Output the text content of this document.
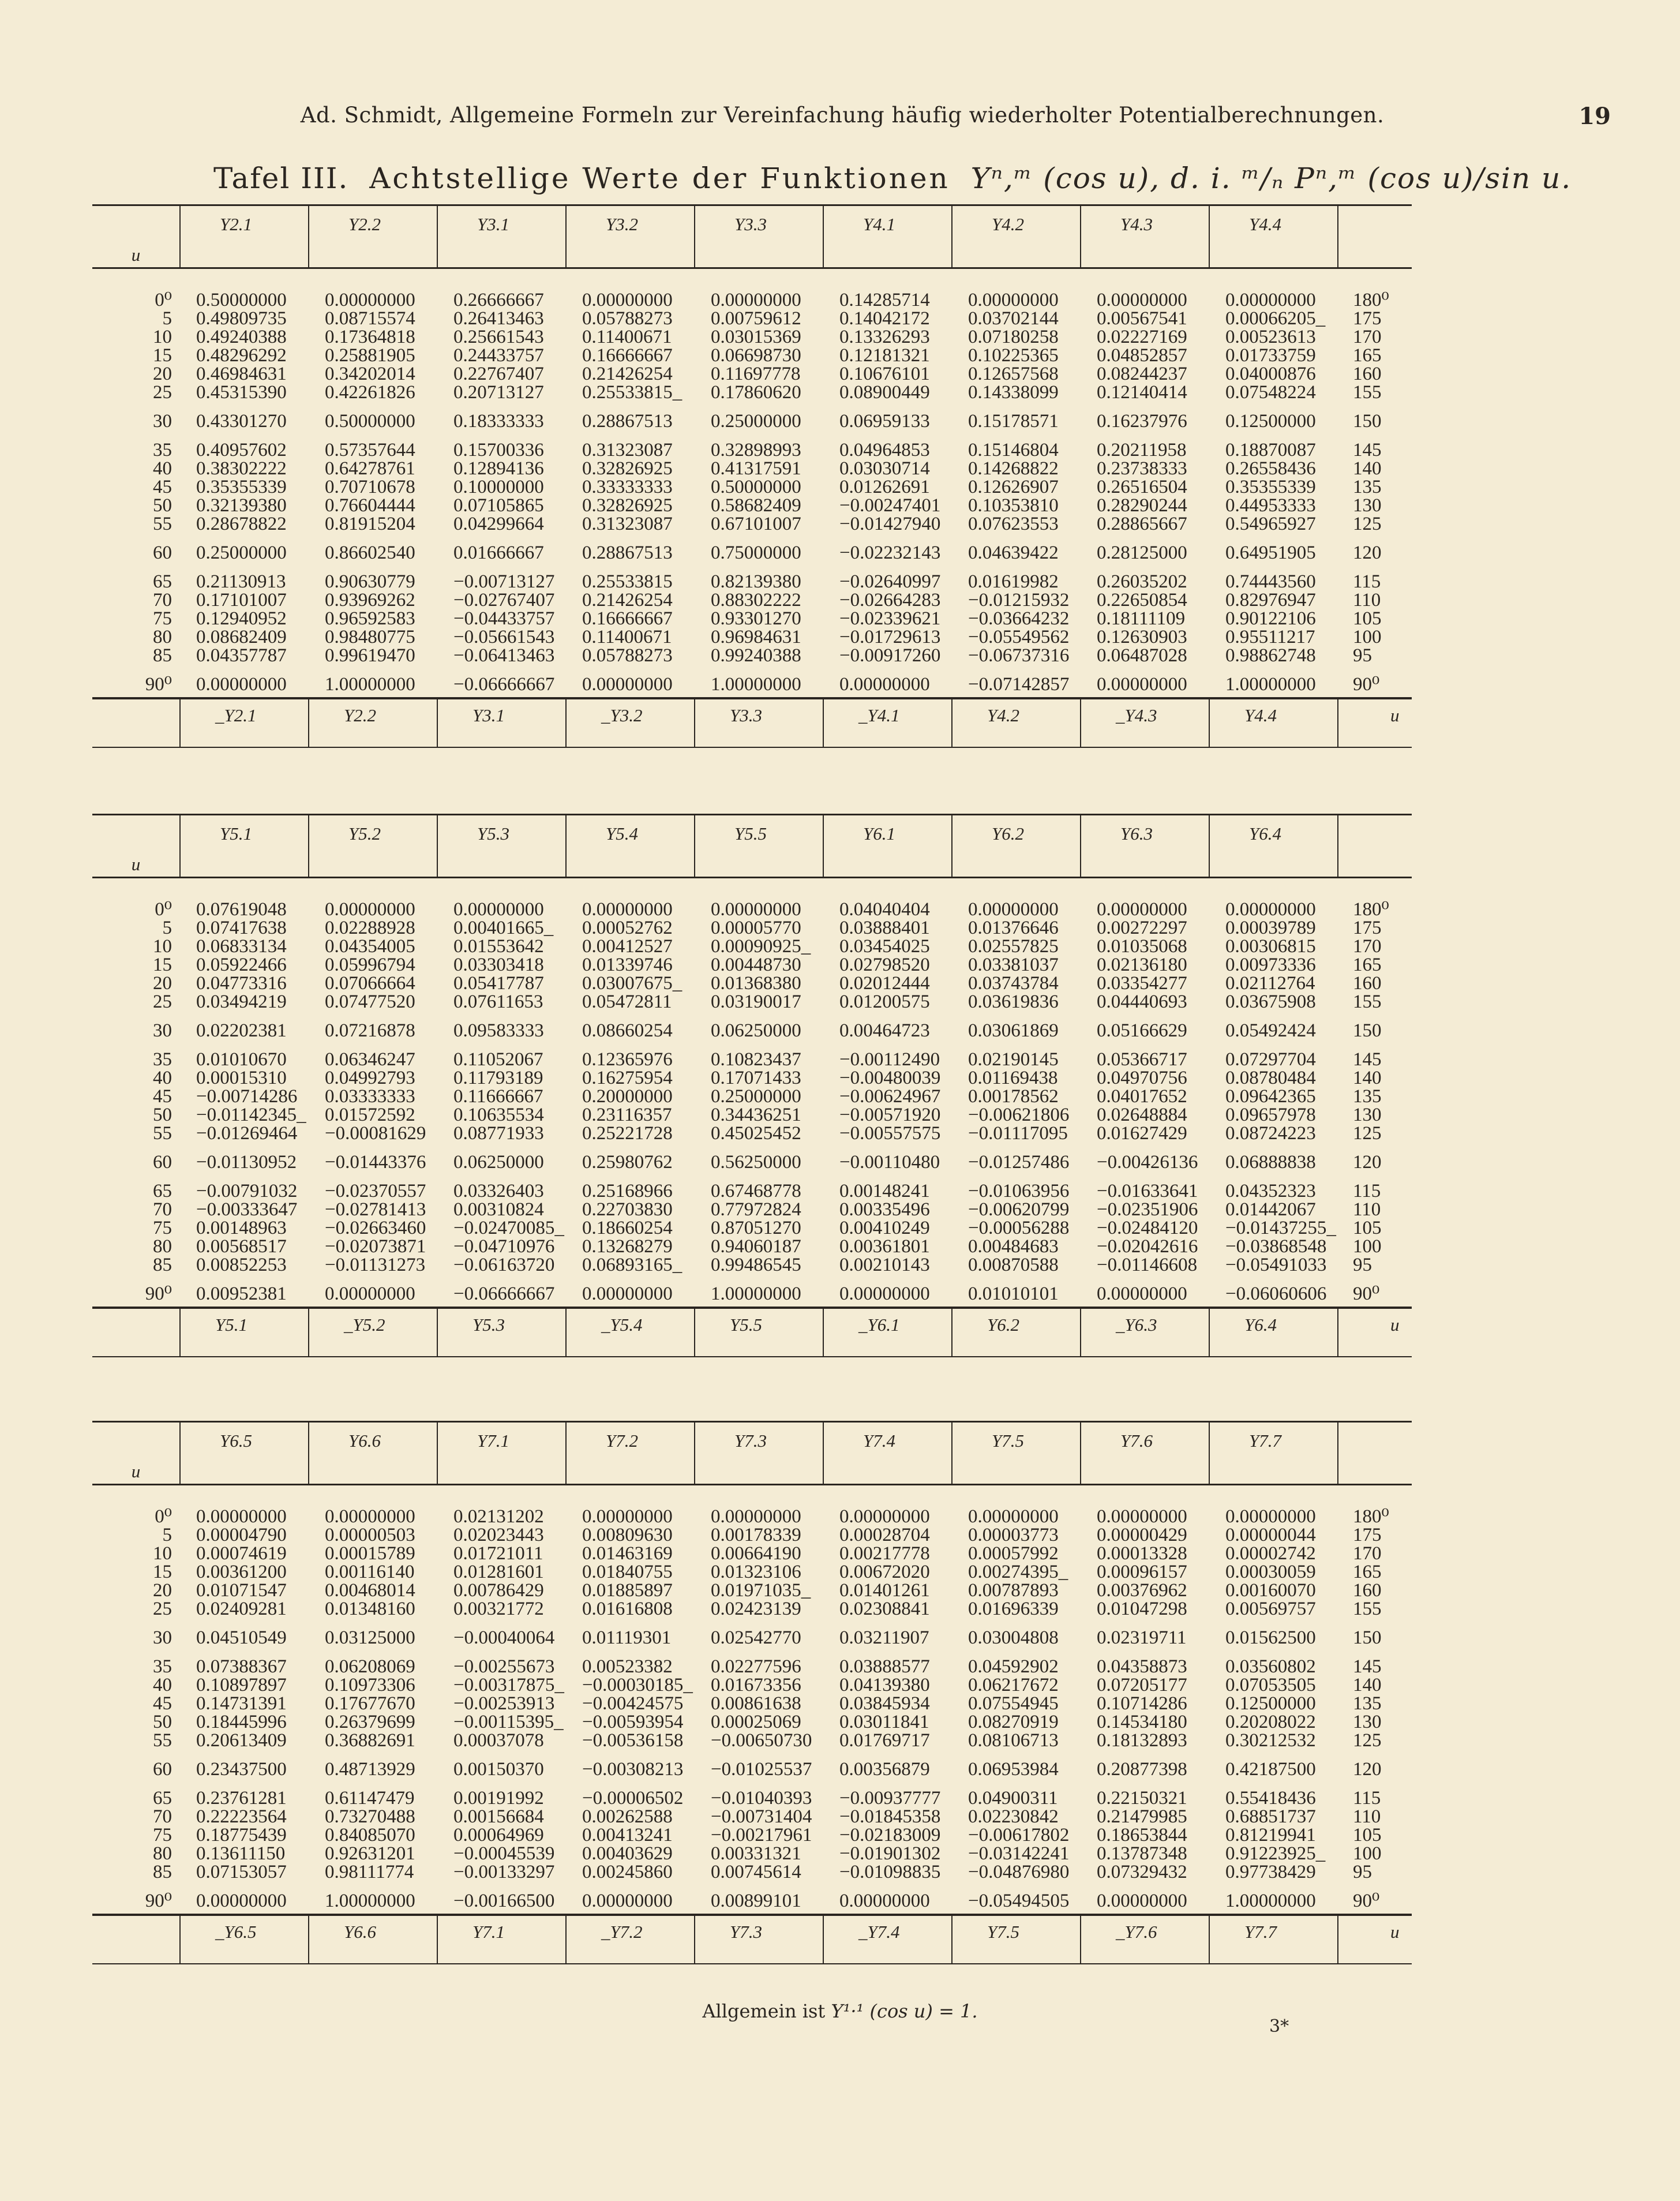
Ad. Schmidt, Allgemeine Formeln zur Vereinfachung häufig wiederholter Potentialberechnungen.	19
Tafel III. Achtstellige Werte der Funktionen Yⁿ,ᵐ (cos u), d. i. ᵐ/ₙ Pⁿ,ᵐ (cos u)/sin u.
u	Y2.1	Y2.2	Y3.1	Y3.2	Y3.3	Y4.1	Y4.2	Y4.3	Y4.4	

0⁰	0.50000000	0.00000000	0.26666667	0.00000000	0.00000000	0.14285714	0.00000000	0.00000000	0.00000000	180⁰
5	0.49809735	0.08715574	0.26413463	0.05788273	0.00759612	0.14042172	0.03702144	0.00567541	0.00066205_	175
10	0.49240388	0.17364818	0.25661543	0.11400671	0.03015369	0.13326293	0.07180258	0.02227169	0.00523613	170
15	0.48296292	0.25881905	0.24433757	0.16666667	0.06698730	0.12181321	0.10225365	0.04852857	0.01733759	165
20	0.46984631	0.34202014	0.22767407	0.21426254	0.11697778	0.10676101	0.12657568	0.08244237	0.04000876	160
25	0.45315390	0.42261826	0.20713127	0.25533815_	0.17860620	0.08900449	0.14338099	0.12140414	0.07548224	155
30	0.43301270	0.50000000	0.18333333	0.28867513	0.25000000	0.06959133	0.15178571	0.16237976	0.12500000	150
35	0.40957602	0.57357644	0.15700336	0.31323087	0.32898993	0.04964853	0.15146804	0.20211958	0.18870087	145
40	0.38302222	0.64278761	0.12894136	0.32826925	0.41317591	0.03030714	0.14268822	0.23738333	0.26558436	140
45	0.35355339	0.70710678	0.10000000	0.33333333	0.50000000	0.01262691	0.12626907	0.26516504	0.35355339	135
50	0.32139380	0.76604444	0.07105865	0.32826925	0.58682409	−0.00247401	0.10353810	0.28290244	0.44953333	130
55	0.28678822	0.81915204	0.04299664	0.31323087	0.67101007	−0.01427940	0.07623553	0.28865667	0.54965927	125
60	0.25000000	0.86602540	0.01666667	0.28867513	0.75000000	−0.02232143	0.04639422	0.28125000	0.64951905	120
65	0.21130913	0.90630779	−0.00713127	0.25533815	0.82139380	−0.02640997	0.01619982	0.26035202	0.74443560	115
70	0.17101007	0.93969262	−0.02767407	0.21426254	0.88302222	−0.02664283	−0.01215932	0.22650854	0.82976947	110
75	0.12940952	0.96592583	−0.04433757	0.16666667	0.93301270	−0.02339621	−0.03664232	0.18111109	0.90122106	105
80	0.08682409	0.98480775	−0.05661543	0.11400671	0.96984631	−0.01729613	−0.05549562	0.12630903	0.95511217	100
85	0.04357787	0.99619470	−0.06413463	0.05788273	0.99240388	−0.00917260	−0.06737316	0.06487028	0.98862748	95
90⁰	0.00000000	1.00000000	−0.06666667	0.00000000	1.00000000	0.00000000	−0.07142857	0.00000000	1.00000000	90⁰

	_Y2.1	Y2.2	Y3.1	_Y3.2	Y3.3	_Y4.1	Y4.2	_Y4.3	Y4.4	u
u	Y5.1	Y5.2	Y5.3	Y5.4	Y5.5	Y6.1	Y6.2	Y6.3	Y6.4	

0⁰	0.07619048	0.00000000	0.00000000	0.00000000	0.00000000	0.04040404	0.00000000	0.00000000	0.00000000	180⁰
5	0.07417638	0.02288928	0.00401665_	0.00052762	0.00005770	0.03888401	0.01376646	0.00272297	0.00039789	175
10	0.06833134	0.04354005	0.01553642	0.00412527	0.00090925_	0.03454025	0.02557825	0.01035068	0.00306815	170
15	0.05922466	0.05996794	0.03303418	0.01339746	0.00448730	0.02798520	0.03381037	0.02136180	0.00973336	165
20	0.04773316	0.07066664	0.05417787	0.03007675_	0.01368380	0.02012444	0.03743784	0.03354277	0.02112764	160
25	0.03494219	0.07477520	0.07611653	0.05472811	0.03190017	0.01200575	0.03619836	0.04440693	0.03675908	155
30	0.02202381	0.07216878	0.09583333	0.08660254	0.06250000	0.00464723	0.03061869	0.05166629	0.05492424	150
35	0.01010670	0.06346247	0.11052067	0.12365976	0.10823437	−0.00112490	0.02190145	0.05366717	0.07297704	145
40	0.00015310	0.04992793	0.11793189	0.16275954	0.17071433	−0.00480039	0.01169438	0.04970756	0.08780484	140
45	−0.00714286	0.03333333	0.11666667	0.20000000	0.25000000	−0.00624967	0.00178562	0.04017652	0.09642365	135
50	−0.01142345_	0.01572592	0.10635534	0.23116357	0.34436251	−0.00571920	−0.00621806	0.02648884	0.09657978	130
55	−0.01269464	−0.00081629	0.08771933	0.25221728	0.45025452	−0.00557575	−0.01117095	0.01627429	0.08724223	125
60	−0.01130952	−0.01443376	0.06250000	0.25980762	0.56250000	−0.00110480	−0.01257486	−0.00426136	0.06888838	120
65	−0.00791032	−0.02370557	0.03326403	0.25168966	0.67468778	0.00148241	−0.01063956	−0.01633641	0.04352323	115
70	−0.00333647	−0.02781413	0.00310824	0.22703830	0.77972824	0.00335496	−0.00620799	−0.02351906	0.01442067	110
75	0.00148963	−0.02663460	−0.02470085_	0.18660254	0.87051270	0.00410249	−0.00056288	−0.02484120	−0.01437255_	105
80	0.00568517	−0.02073871	−0.04710976	0.13268279	0.94060187	0.00361801	0.00484683	−0.02042616	−0.03868548	100
85	0.00852253	−0.01131273	−0.06163720	0.06893165_	0.99486545	0.00210143	0.00870588	−0.01146608	−0.05491033	95
90⁰	0.00952381	0.00000000	−0.06666667	0.00000000	1.00000000	0.00000000	0.01010101	0.00000000	−0.06060606	90⁰

	Y5.1	_Y5.2	Y5.3	_Y5.4	Y5.5	_Y6.1	Y6.2	_Y6.3	Y6.4	u
u	Y6.5	Y6.6	Y7.1	Y7.2	Y7.3	Y7.4	Y7.5	Y7.6	Y7.7	

0⁰	0.00000000	0.00000000	0.02131202	0.00000000	0.00000000	0.00000000	0.00000000	0.00000000	0.00000000	180⁰
5	0.00004790	0.00000503	0.02023443	0.00809630	0.00178339	0.00028704	0.00003773	0.00000429	0.00000044	175
10	0.00074619	0.00015789	0.01721011	0.01463169	0.00664190	0.00217778	0.00057992	0.00013328	0.00002742	170
15	0.00361200	0.00116140	0.01281601	0.01840755	0.01323106	0.00672020	0.00274395_	0.00096157	0.00030059	165
20	0.01071547	0.00468014	0.00786429	0.01885897	0.01971035_	0.01401261	0.00787893	0.00376962	0.00160070	160
25	0.02409281	0.01348160	0.00321772	0.01616808	0.02423139	0.02308841	0.01696339	0.01047298	0.00569757	155
30	0.04510549	0.03125000	−0.00040064	0.01119301	0.02542770	0.03211907	0.03004808	0.02319711	0.01562500	150
35	0.07388367	0.06208069	−0.00255673	0.00523382	0.02277596	0.03888577	0.04592902	0.04358873	0.03560802	145
40	0.10897897	0.10973306	−0.00317875_	−0.00030185_	0.01673356	0.04139380	0.06217672	0.07205177	0.07053505	140
45	0.14731391	0.17677670	−0.00253913	−0.00424575	0.00861638	0.03845934	0.07554945	0.10714286	0.12500000	135
50	0.18445996	0.26379699	−0.00115395_	−0.00593954	0.00025069	0.03011841	0.08270919	0.14534180	0.20208022	130
55	0.20613409	0.36882691	0.00037078	−0.00536158	−0.00650730	0.01769717	0.08106713	0.18132893	0.30212532	125
60	0.23437500	0.48713929	0.00150370	−0.00308213	−0.01025537	0.00356879	0.06953984	0.20877398	0.42187500	120
65	0.23761281	0.61147479	0.00191992	−0.00006502	−0.01040393	−0.00937777	0.04900311	0.22150321	0.55418436	115
70	0.22223564	0.73270488	0.00156684	0.00262588	−0.00731404	−0.01845358	0.02230842	0.21479985	0.68851737	110
75	0.18775439	0.84085070	0.00064969	0.00413241	−0.00217961	−0.02183009	−0.00617802	0.18653844	0.81219941	105
80	0.13611150	0.92631201	−0.00045539	0.00403629	0.00331321	−0.01901302	−0.03142241	0.13787348	0.91223925_	100
85	0.07153057	0.98111774	−0.00133297	0.00245860	0.00745614	−0.01098835	−0.04876980	0.07329432	0.97738429	95
90⁰	0.00000000	1.00000000	−0.00166500	0.00000000	0.00899101	0.00000000	−0.05494505	0.00000000	1.00000000	90⁰

	_Y6.5	Y6.6	Y7.1	_Y7.2	Y7.3	_Y7.4	Y7.5	_Y7.6	Y7.7	u
Allgemein ist Y¹·¹ (cos u) = 1.
3*
